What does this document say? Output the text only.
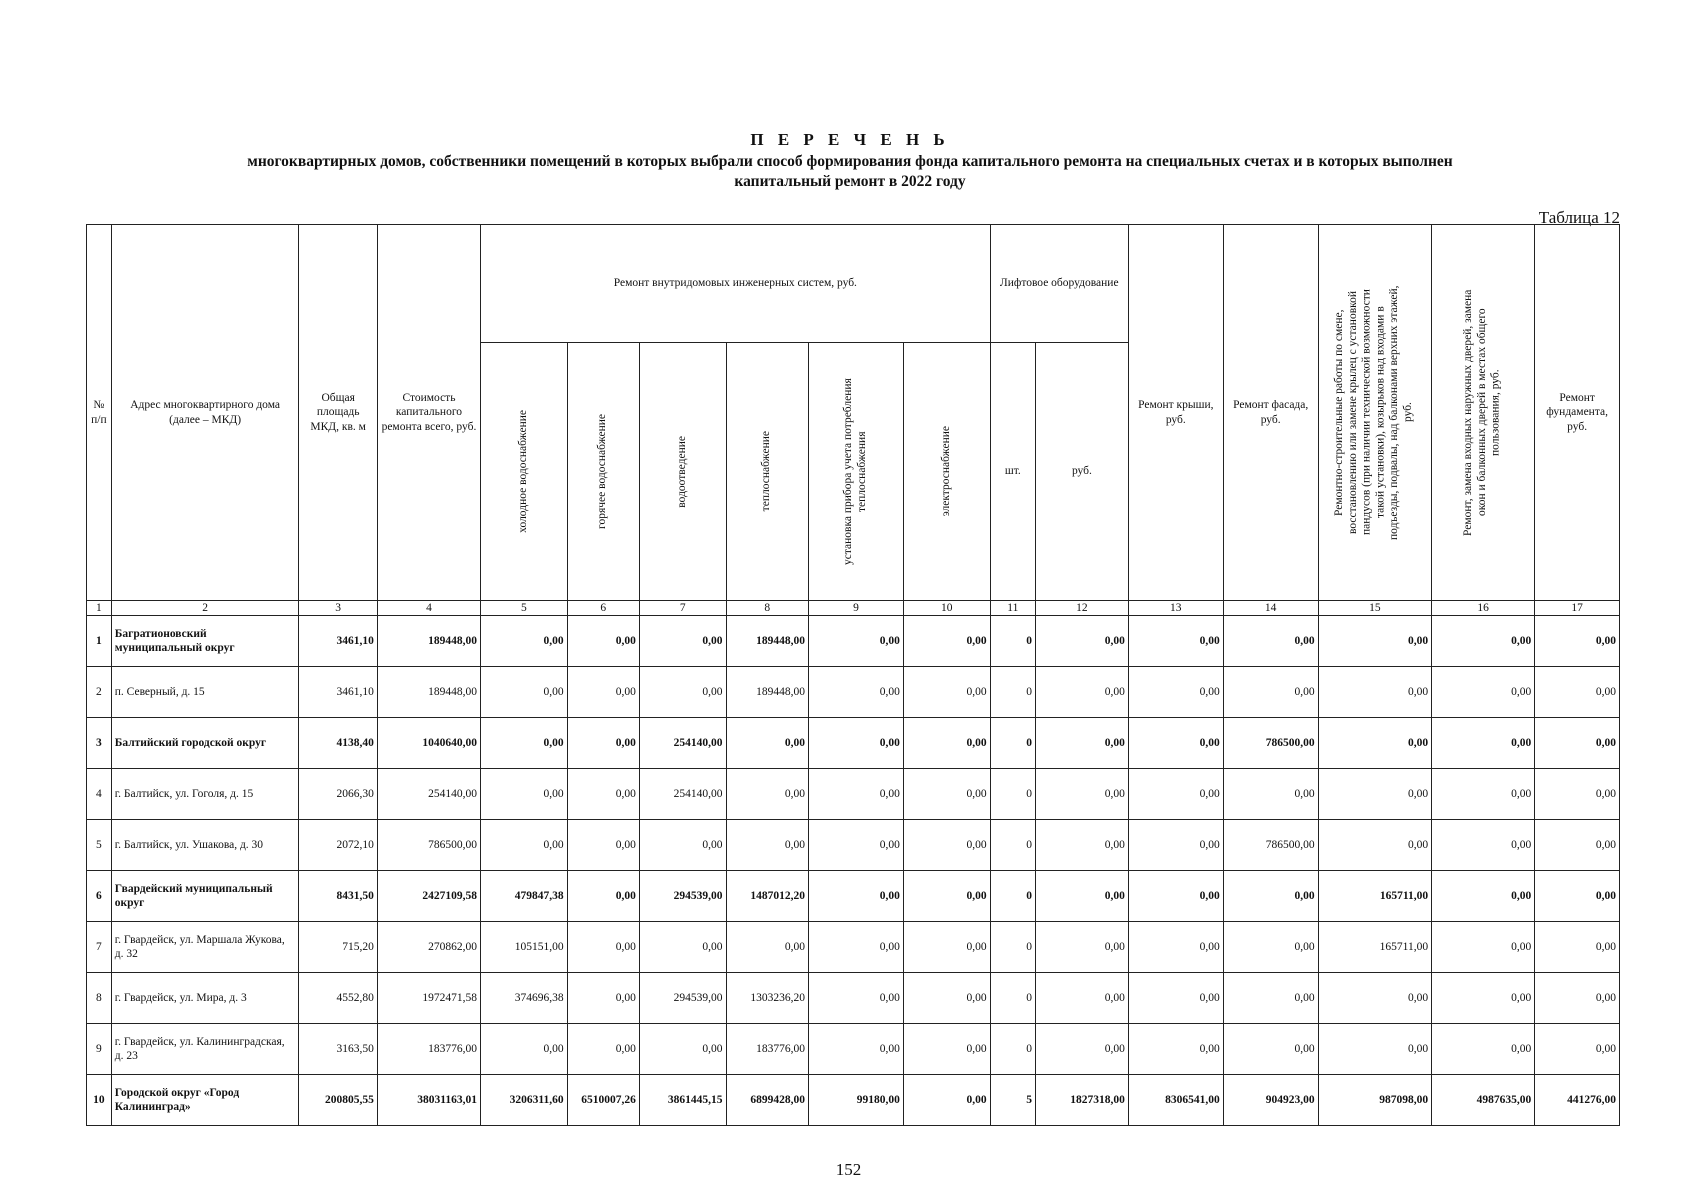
П Е Р Е Ч Е Н Ь
многоквартирных домов, собственники помещений в которых выбрали способ формирования фонда капитального ремонта на специальных счетах и в которых выполнен
капитальный ремонт в 2022 году
Таблица 12
№ п/п	Адрес многоквартирного дома (далее – МКД)	Общая площадь МКД, кв. м	Стоимость капитального ремонта всего, руб.	Ремонт внутридомовых инженерных систем, руб.						Лифтовое оборудование		Ремонт крыши, руб.	Ремонт фасада, руб.	Ремонтно-строительные работы по смене, восстановлению или замене крылец с установкой пандусов (при наличии технической возможности такой установки), козырьков над входами в подъезды, подвалы, над балконами верхних этажей, руб.	Ремонт, замена входных наружных дверей, замена окон и балконных дверей в местах общего пользования, руб.	Ремонт фундамента, руб.

				холодное водоснабжение	горячее водоснабжение	водоотведение	теплоснабжение	установка прибора учета потребления теплоснабжения	электроснабжение	шт.	руб.					
1	2	3	4	5	6	7	8	9	10	11	12	13	14	15	16	17
1	Багратионовский муниципальный округ	3461,10	189448,00	0,00	0,00	0,00	189448,00	0,00	0,00	0	0,00	0,00	0,00	0,00	0,00	0,00
2	п. Северный, д. 15	3461,10	189448,00	0,00	0,00	0,00	189448,00	0,00	0,00	0	0,00	0,00	0,00	0,00	0,00	0,00
3	Балтийский городской округ	4138,40	1040640,00	0,00	0,00	254140,00	0,00	0,00	0,00	0	0,00	0,00	786500,00	0,00	0,00	0,00
4	г. Балтийск, ул. Гоголя, д. 15	2066,30	254140,00	0,00	0,00	254140,00	0,00	0,00	0,00	0	0,00	0,00	0,00	0,00	0,00	0,00
5	г. Балтийск, ул. Ушакова, д. 30	2072,10	786500,00	0,00	0,00	0,00	0,00	0,00	0,00	0	0,00	0,00	786500,00	0,00	0,00	0,00
6	Гвардейский муниципальный округ	8431,50	2427109,58	479847,38	0,00	294539,00	1487012,20	0,00	0,00	0	0,00	0,00	0,00	165711,00	0,00	0,00
7	г. Гвардейск, ул. Маршала Жукова, д. 32	715,20	270862,00	105151,00	0,00	0,00	0,00	0,00	0,00	0	0,00	0,00	0,00	165711,00	0,00	0,00
8	г. Гвардейск, ул. Мира, д. 3	4552,80	1972471,58	374696,38	0,00	294539,00	1303236,20	0,00	0,00	0	0,00	0,00	0,00	0,00	0,00	0,00
9	г. Гвардейск, ул. Калининградская, д. 23	3163,50	183776,00	0,00	0,00	0,00	183776,00	0,00	0,00	0	0,00	0,00	0,00	0,00	0,00	0,00
10	Городской округ «Город Калининград»	200805,55	38031163,01	3206311,60	6510007,26	3861445,15	6899428,00	99180,00	0,00	5	1827318,00	8306541,00	904923,00	987098,00	4987635,00	441276,00
152
